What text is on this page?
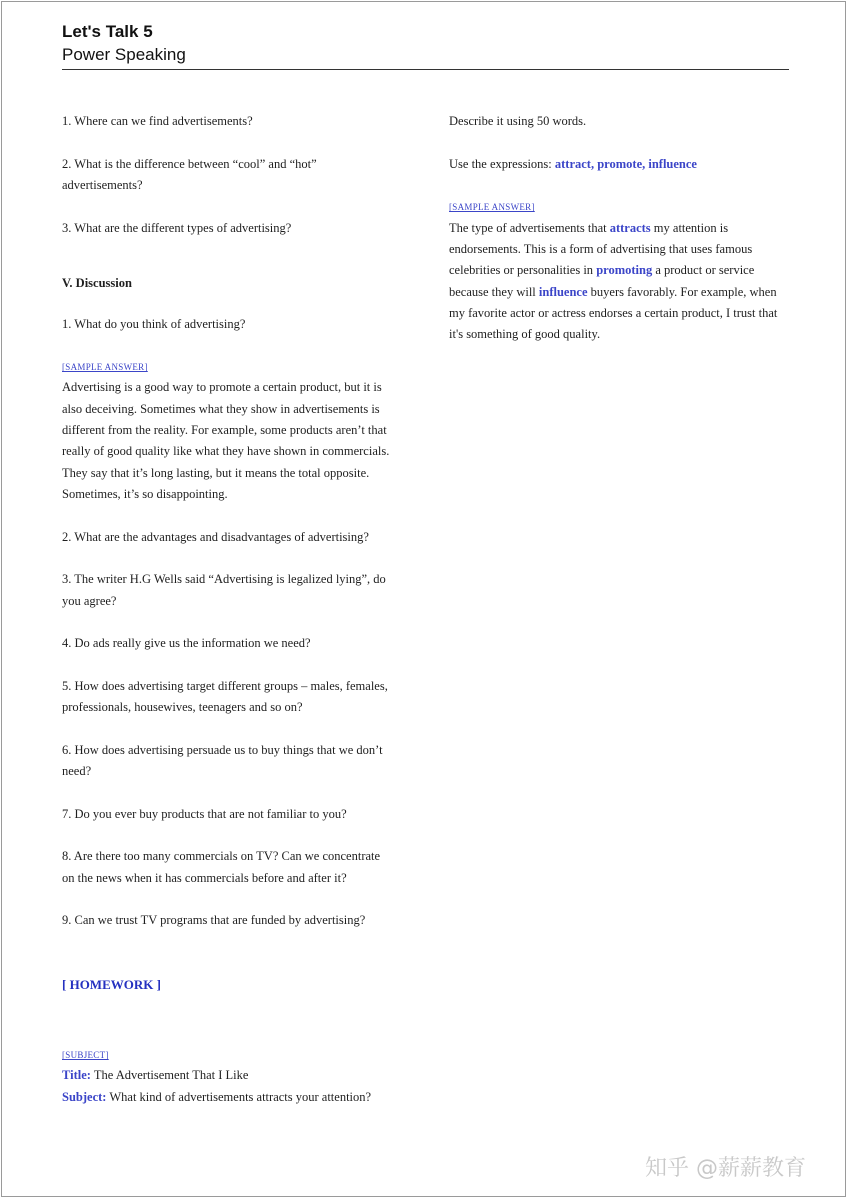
Let's Talk 5
Power Speaking
1. Where can we find advertisements?
2. What is the difference between “cool” and “hot”
advertisements?
3. What are the different types of advertising?
V. Discussion
1. What do you think of advertising?
[SAMPLE ANSWER]
Advertising is a good way to promote a certain product, but it is
also deceiving. Sometimes what they show in advertisements is
different from the reality. For example, some products aren’t that
really of good quality like what they have shown in commercials.
They say that it’s long lasting, but it means the total opposite.
Sometimes, it’s so disappointing.
2. What are the advantages and disadvantages of advertising?
3. The writer H.G Wells said “Advertising is legalized lying”, do
you agree?
4. Do ads really give us the information we need?
5. How does advertising target different groups – males, females,
professionals, housewives, teenagers and so on?
6. How does advertising persuade us to buy things that we don’t
need?
7. Do you ever buy products that are not familiar to you?
8. Are there too many commercials on TV? Can we concentrate
on the news when it has commercials before and after it?
9. Can we trust TV programs that are funded by advertising?
[ HOMEWORK ]
[SUBJECT]
Title: The Advertisement That I Like
Subject: What kind of advertisements attracts your attention?
Describe it using 50 words.
Use the expressions: attract, promote, influence
[SAMPLE ANSWER]
The type of advertisements that attracts my attention is
endorsements. This is a form of advertising that uses famous
celebrities or personalities in promoting a product or service
because they will influence buyers favorably. For example, when
my favorite actor or actress endorses a certain product, I trust that
it's something of good quality.
知乎 @薪薪教育
